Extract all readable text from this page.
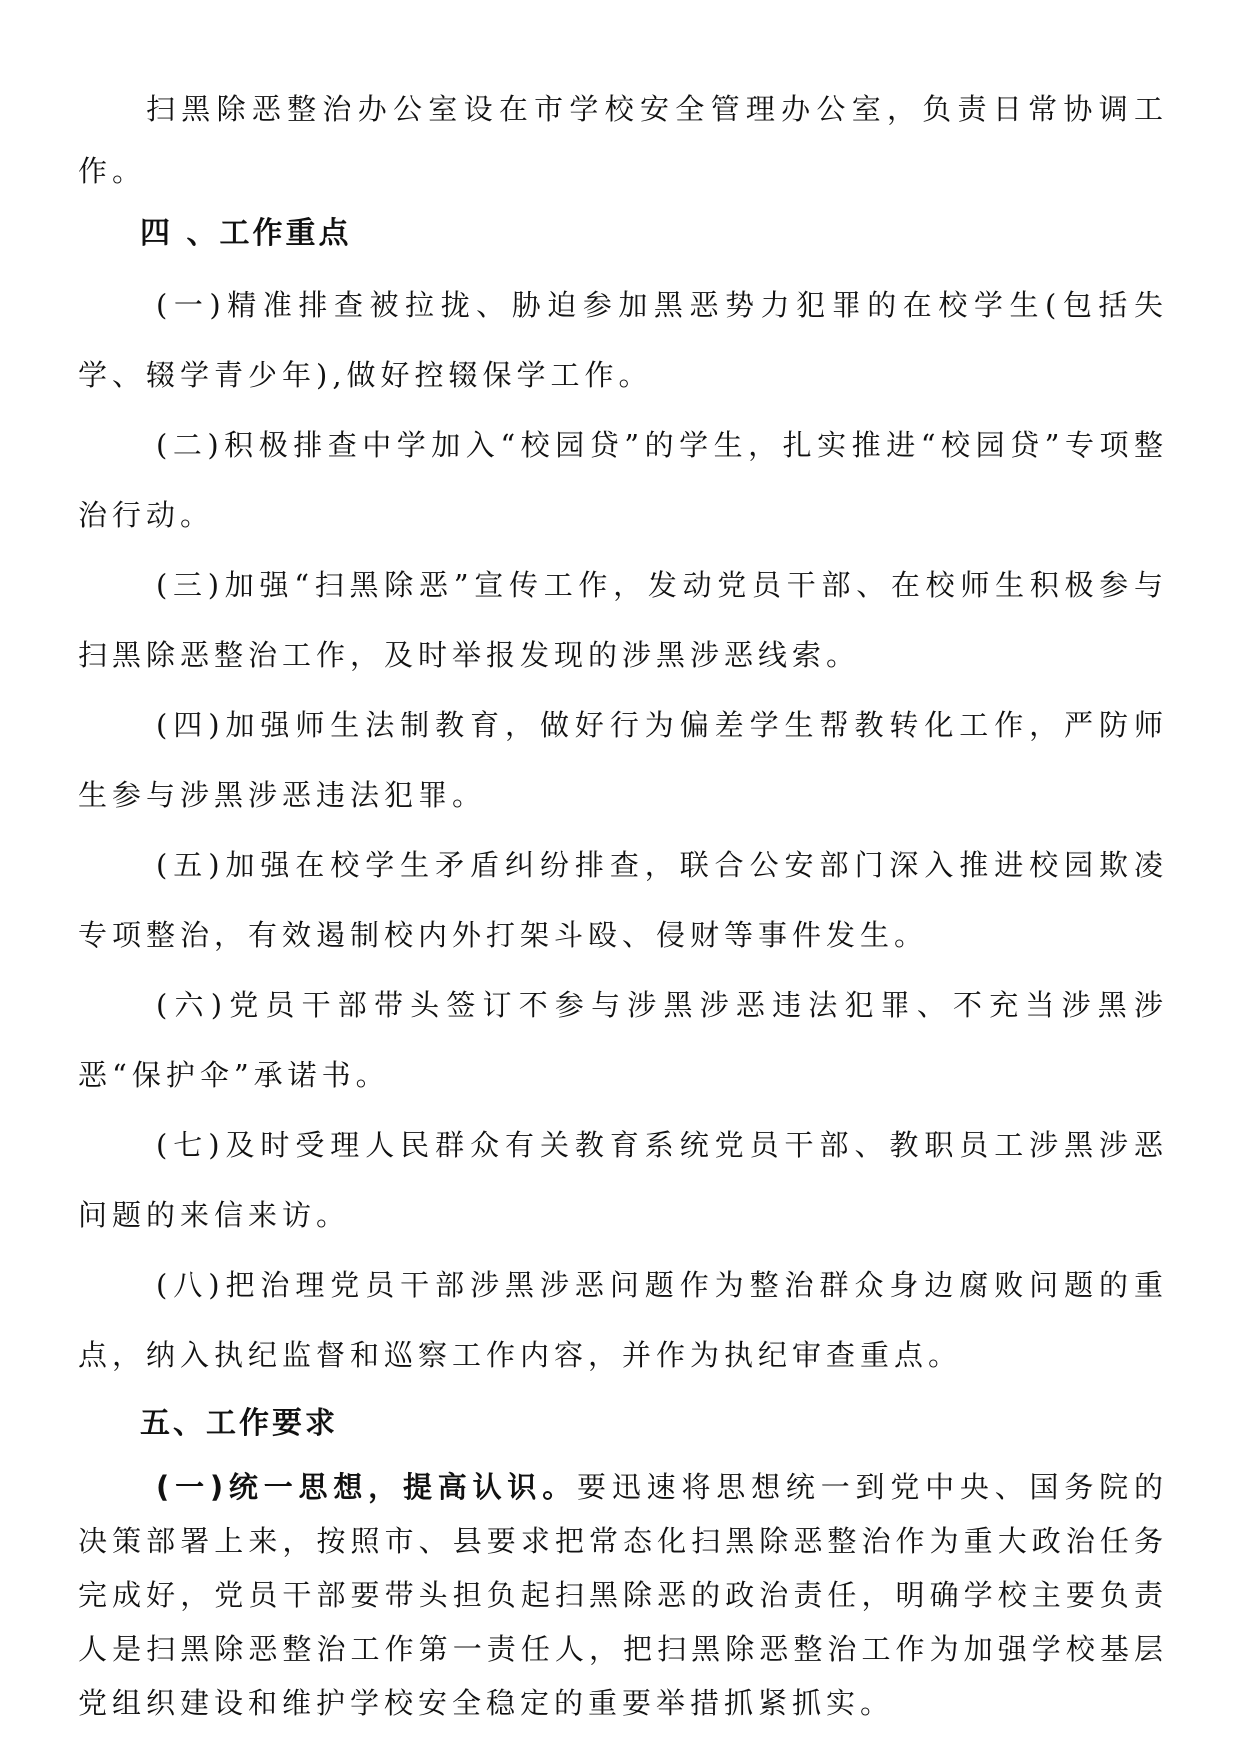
扫黑除恶整治办公室设在市学校安全管理办公室，负责日常协调工作。

四 、工作重点

(一)精准排查被拉拢、胁迫参加黑恶势力犯罪的在校学生(包括失学、辍学青少年),做好控辍保学工作。

(二)积极排查中学加入“校园贷”的学生，扎实推进“校园贷”专项整治行动。

(三)加强“扫黑除恶”宣传工作，发动党员干部、在校师生积极参与扫黑除恶整治工作，及时举报发现的涉黑涉恶线索。

(四)加强师生法制教育，做好行为偏差学生帮教转化工作，严防师生参与涉黑涉恶违法犯罪。

(五)加强在校学生矛盾纠纷排查，联合公安部门深入推进校园欺凌专项整治，有效遏制校内外打架斗殴、侵财等事件发生。

(六)党员干部带头签订不参与涉黑涉恶违法犯罪、不充当涉黑涉恶“保护伞”承诺书。

(七)及时受理人民群众有关教育系统党员干部、教职员工涉黑涉恶问题的来信来访。

(八)把治理党员干部涉黑涉恶问题作为整治群众身边腐败问题的重点，纳入执纪监督和巡察工作内容，并作为执纪审查重点。

五、工作要求

(一)统一思想，提高认识。要迅速将思想统一到党中央、国务院的决策部署上来，按照市、县要求把常态化扫黑除恶整治作为重大政治任务完成好，党员干部要带头担负起扫黑除恶的政治责任，明确学校主要负责人是扫黑除恶整治工作第一责任人，把扫黑除恶整治工作为加强学校基层党组织建设和维护学校安全稳定的重要举措抓紧抓实。
